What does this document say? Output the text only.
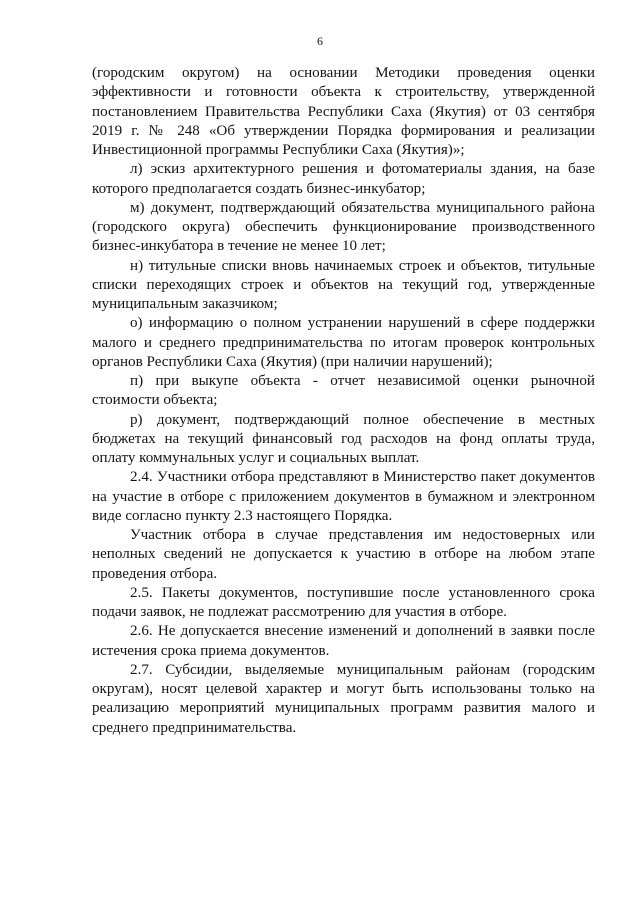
6

(городским округом) на основании Методики проведения оценки эффективности и готовности объекта к строительству, утвержденной постановлением Правительства Республики Саха (Якутия) от 03 сентября 2019 г. № 248 «Об утверждении Порядка формирования и реализации Инвестиционной программы Республики Саха (Якутия)»;

л) эскиз архитектурного решения и фотоматериалы здания, на базе которого предполагается создать бизнес-инкубатор;

м) документ, подтверждающий обязательства муниципального района (городского округа) обеспечить функционирование производственного бизнес-инкубатора в течение не менее 10 лет;

н) титульные списки вновь начинаемых строек и объектов, титульные списки переходящих строек и объектов на текущий год, утвержденные муниципальным заказчиком;

о) информацию о полном устранении нарушений в сфере поддержки малого и среднего предпринимательства по итогам проверок контрольных органов Республики Саха (Якутия) (при наличии нарушений);

п) при выкупе объекта - отчет независимой оценки рыночной стоимости объекта;

р) документ, подтверждающий полное обеспечение в местных бюджетах на текущий финансовый год расходов на фонд оплаты труда, оплату коммунальных услуг и социальных выплат.

2.4. Участники отбора представляют в Министерство пакет документов на участие в отборе с приложением документов в бумажном и электронном виде согласно пункту 2.3 настоящего Порядка.

Участник отбора в случае представления им недостоверных или неполных сведений не допускается к участию в отборе на любом этапе проведения отбора.

2.5. Пакеты документов, поступившие после установленного срока подачи заявок, не подлежат рассмотрению для участия в отборе.

2.6. Не допускается внесение изменений и дополнений в заявки после истечения срока приема документов.

2.7. Субсидии, выделяемые муниципальным районам (городским округам), носят целевой характер и могут быть использованы только на реализацию мероприятий муниципальных программ развития малого и среднего предпринимательства.
